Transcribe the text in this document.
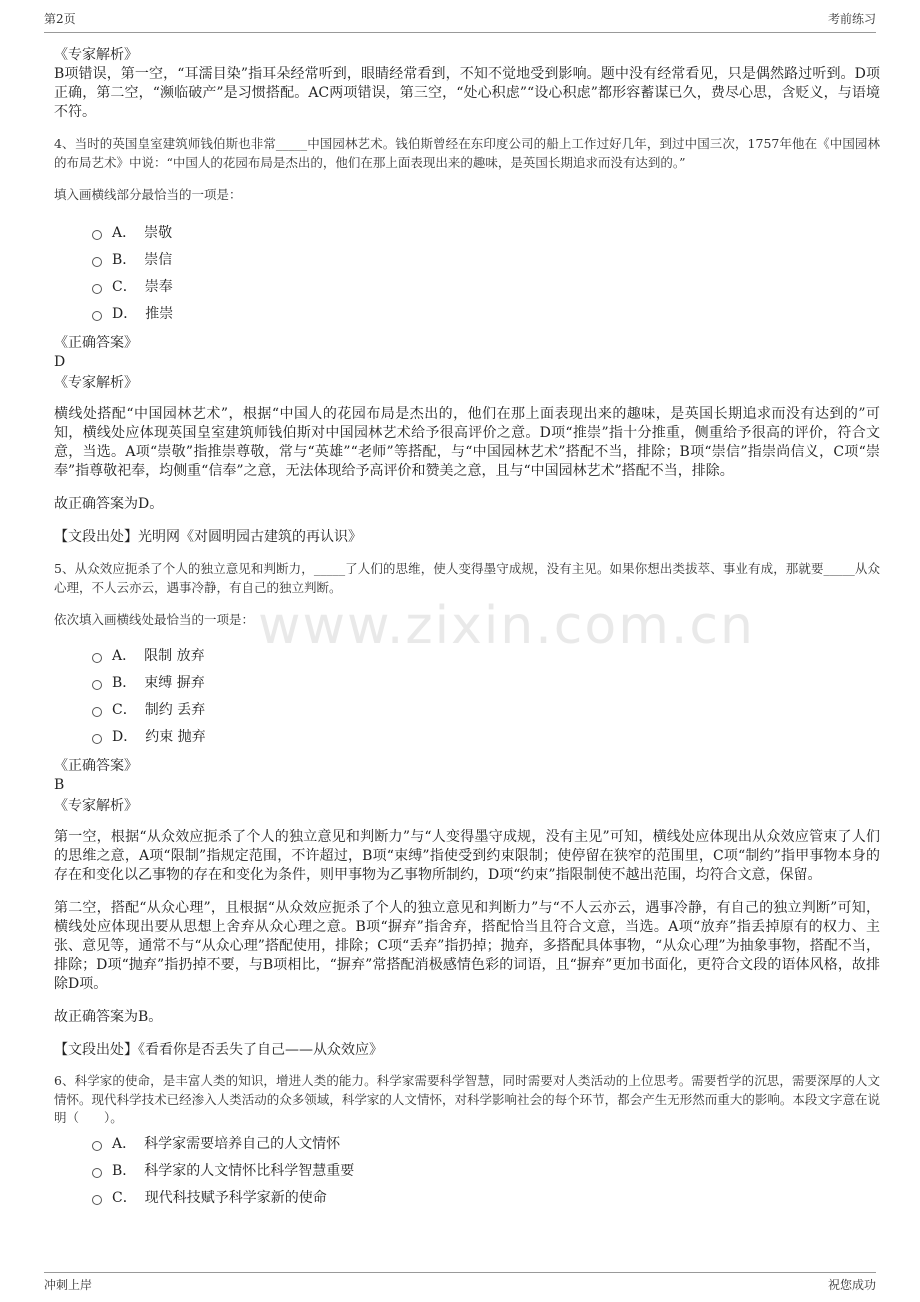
第2页	考前练习
www.zixin.com.cn

《专家解析》

B项错误，第一空，“耳濡目染”指耳朵经常听到，眼睛经常看到，不知不觉地受到影响。题中没有经常看见，只是偶然路过听到。D项正确，第二空，“濒临破产”是习惯搭配。AC两项错误，第三空，“处心积虑”“设心积虑”都形容蓄谋已久，费尽心思，含贬义，与语境不符。

4、当时的英国皇室建筑师钱伯斯也非常_____中国园林艺术。钱伯斯曾经在东印度公司的船上工作过好几年，到过中国三次，1757年他在《中国园林的布局艺术》中说：“中国人的花园布局是杰出的，他们在那上面表现出来的趣味，是英国长期追求而没有达到的。”

填入画横线部分最恰当的一项是：

A． 崇敬
B． 崇信
C． 崇奉
D． 推崇

《正确答案》

D

《专家解析》

横线处搭配“中国园林艺术”，根据“中国人的花园布局是杰出的，他们在那上面表现出来的趣味，是英国长期追求而没有达到的”可知，横线处应体现英国皇室建筑师钱伯斯对中国园林艺术给予很高评价之意。D项“推崇”指十分推重，侧重给予很高的评价，符合文意，当选。A项“崇敬”指推崇尊敬，常与“英雄”“老师”等搭配，与“中国园林艺术”搭配不当，排除；B项“崇信”指崇尚信义，C项“崇奉”指尊敬祀奉，均侧重“信奉”之意，无法体现给予高评价和赞美之意，且与“中国园林艺术”搭配不当，排除。

故正确答案为D。

【文段出处】光明网《对圆明园古建筑的再认识》

5、从众效应扼杀了个人的独立意见和判断力，_____了人们的思维，使人变得墨守成规，没有主见。如果你想出类拔萃、事业有成，那就要_____从众心理，不人云亦云，遇事冷静，有自己的独立判断。

依次填入画横线处最恰当的一项是：

A． 限制 放弃
B． 束缚 摒弃
C． 制约 丢弃
D． 约束 抛弃

《正确答案》

B

《专家解析》

第一空，根据“从众效应扼杀了个人的独立意见和判断力”与“人变得墨守成规，没有主见”可知，横线处应体现出从众效应管束了人们的思维之意，A项“限制”指规定范围，不许超过，B项“束缚”指使受到约束限制；使停留在狭窄的范围里，C项“制约”指甲事物本身的存在和变化以乙事物的存在和变化为条件，则甲事物为乙事物所制约，D项“约束”指限制使不越出范围，均符合文意，保留。

第二空，搭配“从众心理”，且根据“从众效应扼杀了个人的独立意见和判断力”与“不人云亦云，遇事冷静，有自己的独立判断”可知，横线处应体现出要从思想上舍弃从众心理之意。B项“摒弃”指舍弃，搭配恰当且符合文意，当选。A项“放弃”指丢掉原有的权力、主张、意见等，通常不与“从众心理”搭配使用，排除；C项“丢弃”指扔掉；抛弃，多搭配具体事物，“从众心理”为抽象事物，搭配不当，排除；D项“抛弃”指扔掉不要，与B项相比，“摒弃”常搭配消极感情色彩的词语，且“摒弃”更加书面化，更符合文段的语体风格，故排除D项。

故正确答案为B。

【文段出处】《看看你是否丢失了自己——从众效应》

6、科学家的使命，是丰富人类的知识，增进人类的能力。科学家需要科学智慧，同时需要对人类活动的上位思考。需要哲学的沉思，需要深厚的人文情怀。现代科学技术已经渗入人类活动的众多领域，科学家的人文情怀，对科学影响社会的每个环节，都会产生无形然而重大的影响。本段文字意在说明（　　）。

A． 科学家需要培养自己的人文情怀
B． 科学家的人文情怀比科学智慧重要
C． 现代科技赋予科学家新的使命
冲刺上岸	祝您成功
